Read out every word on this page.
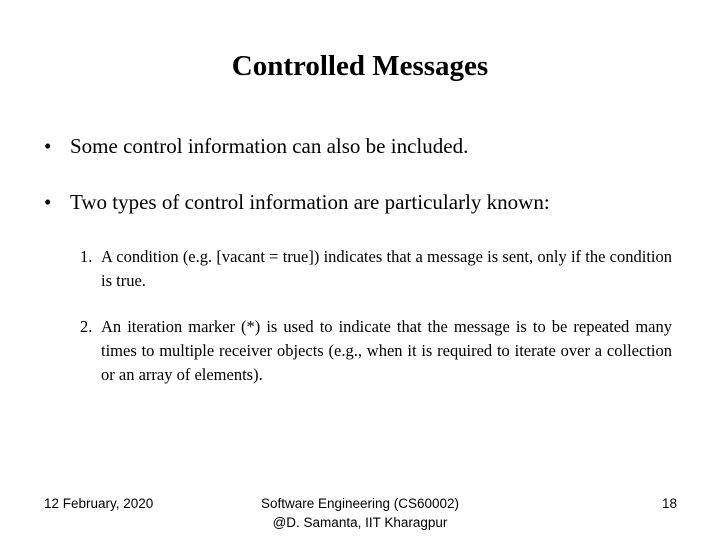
Controlled Messages
• Some control information can also be included.
• Two types of control information are particularly known:
1. A condition (e.g. [vacant = true]) indicates that a message is sent, only if the condition is true.
2. An iteration marker (*) is used to indicate that the message is to be repeated many times to multiple receiver objects (e.g., when it is required to iterate over a collection or an array of elements).
12 February, 2020	Software Engineering (CS60002)
@D. Samanta, IIT Kharagpur
18
